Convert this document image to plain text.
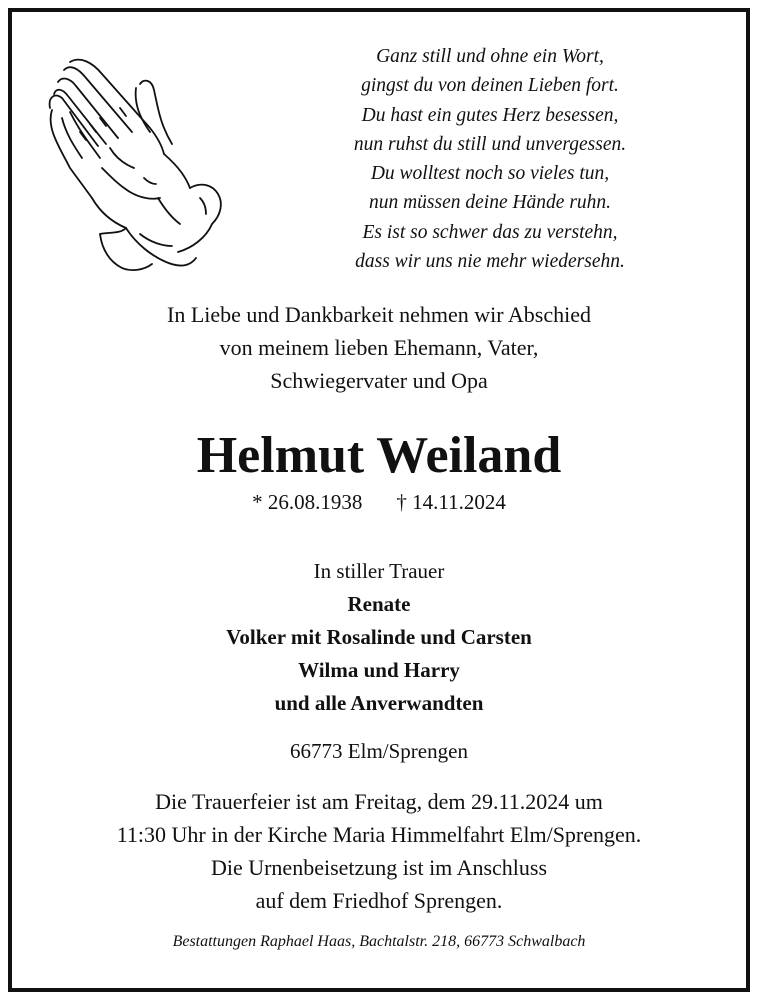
Ganz still und ohne ein Wort,
gingst du von deinen Lieben fort.
Du hast ein gutes Herz besessen,
nun ruhst du still und unvergessen.
Du wolltest noch so vieles tun,
nun müssen deine Hände ruhn.
Es ist so schwer das zu verstehn,
dass wir uns nie mehr wiedersehn.
In Liebe und Dankbarkeit nehmen wir Abschied
von meinem lieben Ehemann, Vater,
Schwiegervater und Opa
Helmut Weiland
* 26.08.1938 † 14.11.2024
In stiller Trauer
Renate
Volker mit Rosalinde und Carsten
Wilma und Harry
und alle Anverwandten
66773 Elm/Sprengen
Die Trauerfeier ist am Freitag, dem 29.11.2024 um
11:30 Uhr in der Kirche Maria Himmelfahrt Elm/Sprengen.
Die Urnenbeisetzung ist im Anschluss
auf dem Friedhof Sprengen.
Bestattungen Raphael Haas, Bachtalstr. 218, 66773 Schwalbach
